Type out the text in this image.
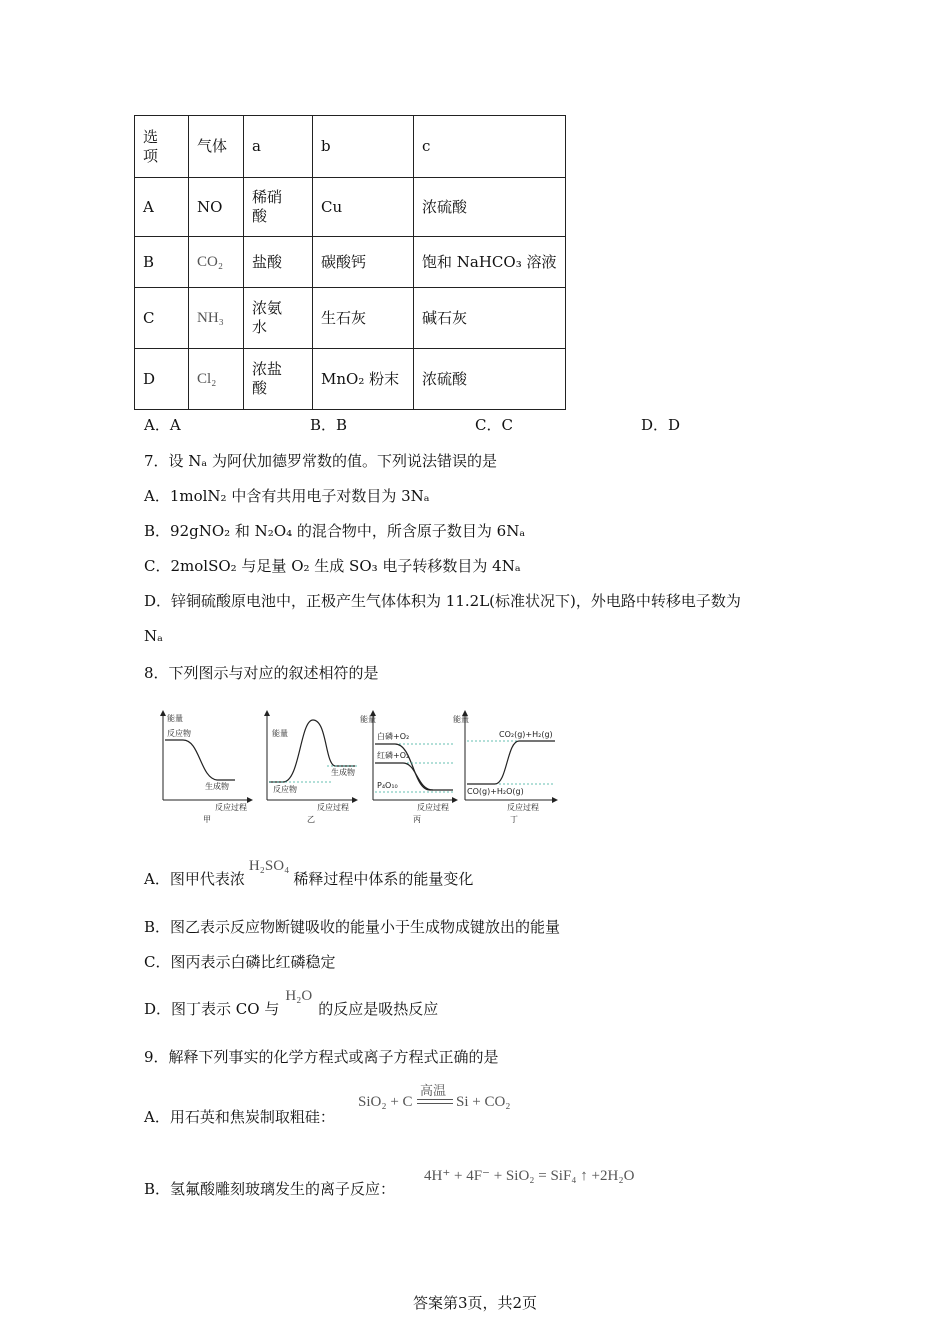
选项	气体	a	b	c
A	NO	稀硝酸	Cu	浓硫酸
B	CO₂	盐酸	碳酸钙	饱和 NaHCO₃ 溶液
C	NH₃	浓氨水	生石灰	碱石灰
D	Cl₂	浓盐酸	MnO₂ 粉末	浓硫酸
A．A	B．B	C．C	D．D
7．设 Nₐ 为阿伏加德罗常数的值。下列说法错误的是
A．1molN₂ 中含有共用电子对数目为 3Nₐ
B．92gNO₂ 和 N₂O₄ 的混合物中，所含原子数目为 6Nₐ
C．2molSO₂ 与足量 O₂ 生成 SO₃ 电子转移数目为 4Nₐ
D．锌铜硫酸原电池中，正极产生气体体积为 11.2L(标准状况下)，外电路中转移电子数为
Nₐ
8．下列图示与对应的叙述相符的是
能量
反应物
生成物
反应过程
甲
能量
生成物
反应物
反应过程
乙
能量
白磷+O₂
红磷+O₂
P₄O₁₀
反应过程
丙
能量
CO₂(g)+H₂(g)
CO(g)+H₂O(g)
反应过程
丁
A．图甲代表浓H₂SO₄稀释过程中体系的能量变化
B．图乙表示反应物断键吸收的能量小于生成物成键放出的能量
C．图丙表示白磷比红磷稳定
D．图丁表示 CO 与H₂O的反应是吸热反应
9．解释下列事实的化学方程式或离子方程式正确的是
A．用石英和焦炭制取粗硅：
SiO₂ + C
高温
Si + CO₂
B．氢氟酸雕刻玻璃发生的离子反应：
4H⁺ + 4F⁻ + SiO₂ = SiF₄ ↑ +2H₂O
答案第3页，共2页
